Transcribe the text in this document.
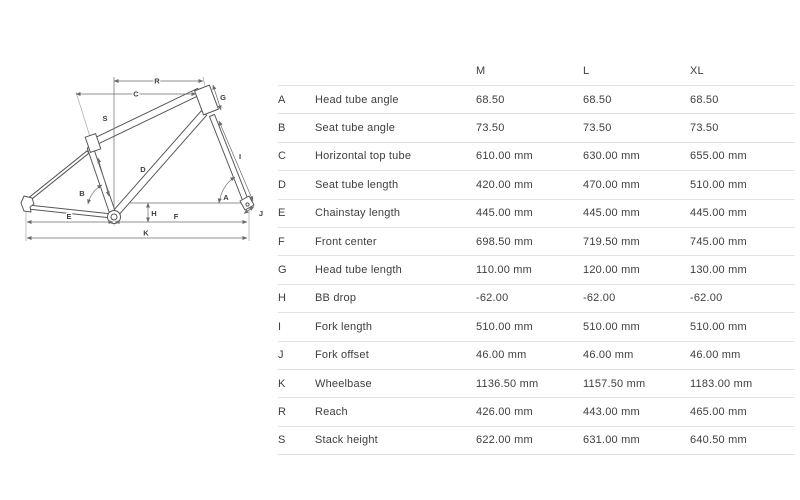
R
C
S
G
D
B	A
I
H
E	F
K
J
M	L	XL
A	Head tube angle	68.50	68.50	68.50
B	Seat tube angle	73.50	73.50	73.50
C	Horizontal top tube	610.00 mm	630.00 mm	655.00 mm
D	Seat tube length	420.00 mm	470.00 mm	510.00 mm
E	Chainstay length	445.00 mm	445.00 mm	445.00 mm
F	Front center	698.50 mm	719.50 mm	745.00 mm
G	Head tube length	110.00 mm	120.00 mm	130.00 mm
H	BB drop	-62.00	-62.00	-62.00
I	Fork length	510.00 mm	510.00 mm	510.00 mm
J	Fork offset	46.00 mm	46.00 mm	46.00 mm
K	Wheelbase	1136.50 mm	1157.50 mm	1183.00 mm
R	Reach	426.00 mm	443.00 mm	465.00 mm
S	Stack height	622.00 mm	631.00 mm	640.50 mm
